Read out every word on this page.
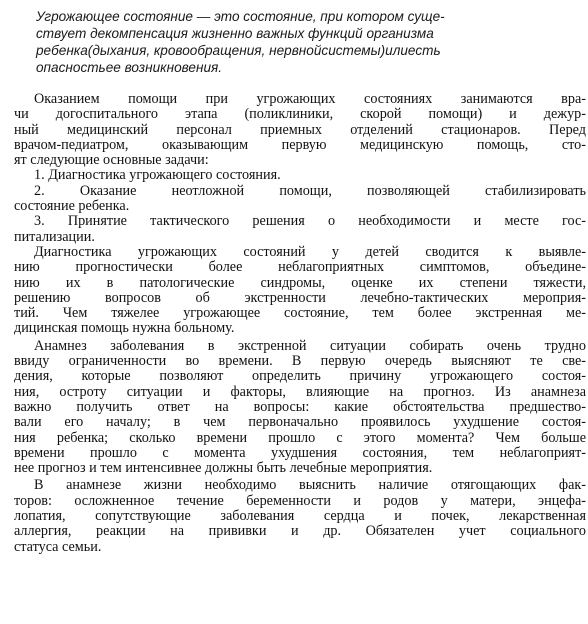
Угрожающее состояние — это состояние, при котором суще-
ствует декомпенсация жизненно важных функций организма
ребенка(дыхания, кровообращения, нервнойсистемы)илиесть
опасностьее возникновения.
Оказанием помощи при угрожающих состояниях занимаются вра-
чи догоспитального этапа (поликлиники, скорой помощи) и дежур-
ный медицинский персонал приемных отделений стационаров. Перед
врачом-педиатром, оказывающим первую медицинскую помощь, сто-
ят следующие основные задачи:
1. Диагностика угрожающего состояния.
2. Оказание неотложной помощи, позволяющей стабилизировать
состояние ребенка.
3. Принятие тактического решения о необходимости и месте гос-
питализации.
Диагностика угрожающих состояний у детей сводится к выявле-
нию прогностически более неблагоприятных симптомов, объедине-
нию их в патологические синдромы, оценке их степени тяжести,
решению вопросов об экстренности лечебно-тактических мероприя-
тий. Чем тяжелее угрожающее состояние, тем более экстренная ме-
дицинская помощь нужна больному.
Анамнез заболевания в экстренной ситуации собирать очень трудно
ввиду ограниченности во времени. В первую очередь выясняют те све-
дения, которые позволяют определить причину угрожающего состоя-
ния, остроту ситуации и факторы, влияющие на прогноз. Из анамнеза
важно получить ответ на вопросы: какие обстоятельства предшество-
вали его началу; в чем первоначально проявилось ухудшение состоя-
ния ребенка; сколько времени прошло с этого момента? Чем больше
времени прошло с момента ухудшения состояния, тем неблагоприят-
нее прогноз и тем интенсивнее должны быть лечебные мероприятия.
В анамнезе жизни необходимо выяснить наличие отягощающих фак-
торов: осложненное течение беременности и родов у матери, энцефа-
лопатия, сопутствующие заболевания сердца и почек, лекарственная
аллергия, реакции на прививки и др. Обязателен учет социального
статуса семьи.
